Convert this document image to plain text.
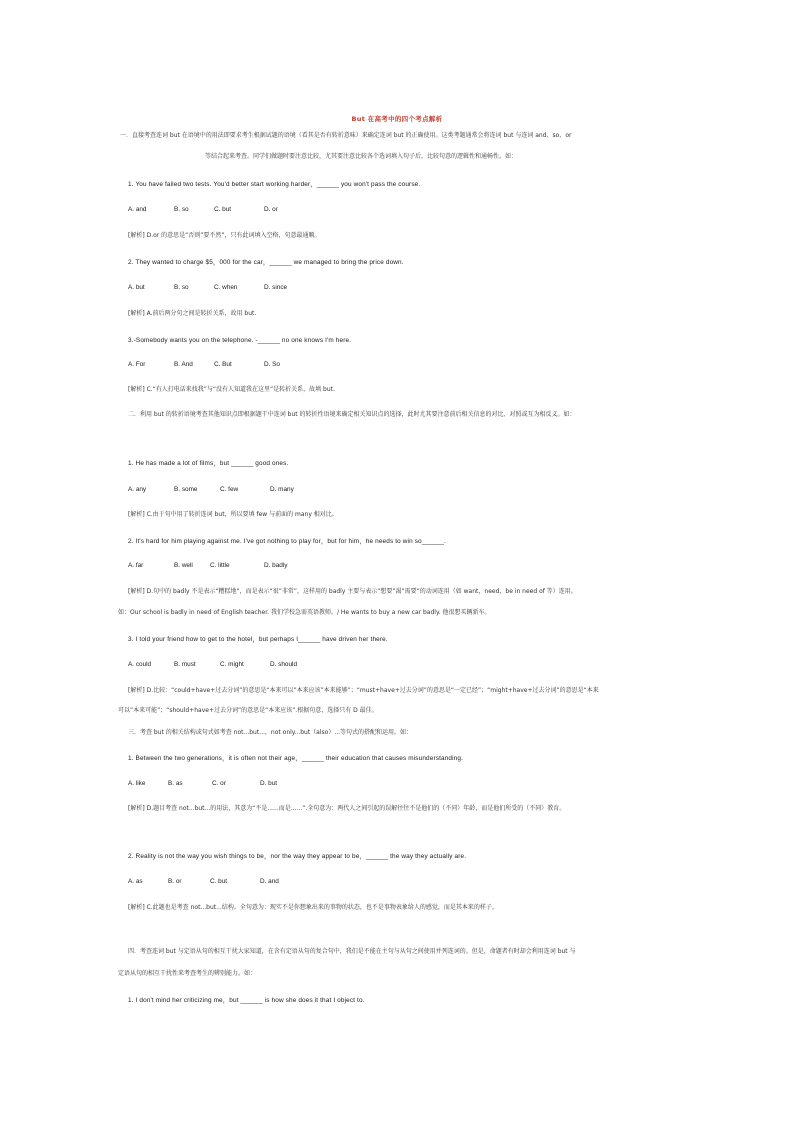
But 在高考中的四个考点解析
一．直接考查连词 but 在语境中的用法即要求考生根据试题的语境（看其是否有转折意味）来确定连词 but 的正确使用。这类考题通常会将连词 but 与连词 and、so、or
等结合起来考查。同学们做题时要注意比较，尤其要注意比较各个选词填入句子后，比较句意的逻辑性和通畅性。如：
1. You have failed two tests. You'd better start working harder，______ you won't pass the course.
A. and	B. so	C. but	D. or
[解析] D.or 的意思是“否则”要不然”，只有此词填入空格，句意最通顺。
2. They wanted to charge $5，000 for the car，______ we managed to bring the price down.
A. but	B. so	C. when	D. since
[解析] A.前后两分句之间是转折关系，故用 but.
3.-Somebody wants you on the telephone. -______ no one knows I'm here.
A. For	B. And	C. But	D. So
[解析] C.“有人打电话来找我”与“没有人知道我在这里”是转折关系，故填 but.
二．利用 but 的转折语境考查其他知识点即根据题干中连词 but 的转折性语境来确定相关知识点的选择，此时尤其要注意前后相关信息的对比、对照或互为相反义。如：
1. He has made a lot of films，but ______ good ones.
A. any	B. some	C. few	D. many
[解析] C.由于句中用了转折连词 but，所以要填 few 与前面的 many 相对比。
2. It's hard for him playing against me. I've got nothing to play for，but for him，he needs to win so______.
A. far	B. well	C. little	D. badly
[解析] D.句中的 badly 不是表示“糟糕地”，而是表示“很”非常”，这样用的 badly 主要与表示“想要”渴”需要”的动词连用（如 want，need，be in need of 等）连用。
如：Our school is badly in need of English teacher. 我们学校急需英语教师。/ He wants to buy a new car badly. 他很想买辆新车。
3. I told your friend how to get to the hotel，but perhaps I______ have driven her there.
A. could	B. must	C. might	D. should
[解析] D.比较：“could+have+过去分词”的意思是“本来可以”本来应该”本来能够”；“must+have+过去分词”的意思是“一定已经”；“might+have+过去分词”的意思是“本来
可以”本来可能”；“should+have+过去分词”的意思是“本来应该”.根据句意，选择只有 D 最佳。
三．考查 but 的相关结构或句式如考查 not...but...，not only...but（also）...等句式的搭配和运用。如：
1. Between the two generations，it is often not their age，______ their education that causes misunderstanding.
A. like	B. as	C. or	D. but
[解析] D.题目考查 not...but...的用法，其意为“不是......而是......”.全句意为：两代人之间引起的误解往往不是他们的（不同）年龄，而是他们所受的（不同）教育。
2. Reality is not the way you wish things to be，nor the way they appear to be，______ the way they actually are.
A. as	B. or	C. but	D. and
[解析] C.此题也是考查 not...but...结构。全句意为：现实不是你想象出来的事物的状态，也不是事物表象给人的感觉，而是其本来的样子。
四．考查连词 but 与定语从句的相互干扰大家知道，在含有定语从句的复合句中，我们是不能在主句与从句之间使用并列连词的。但是，命题者有时却会利用连词 but 与
定语从句的相互干扰性来考查考生的辨别能力。如：
1. I don't mind her criticizing me，but ______ is how she does it that I object to.
